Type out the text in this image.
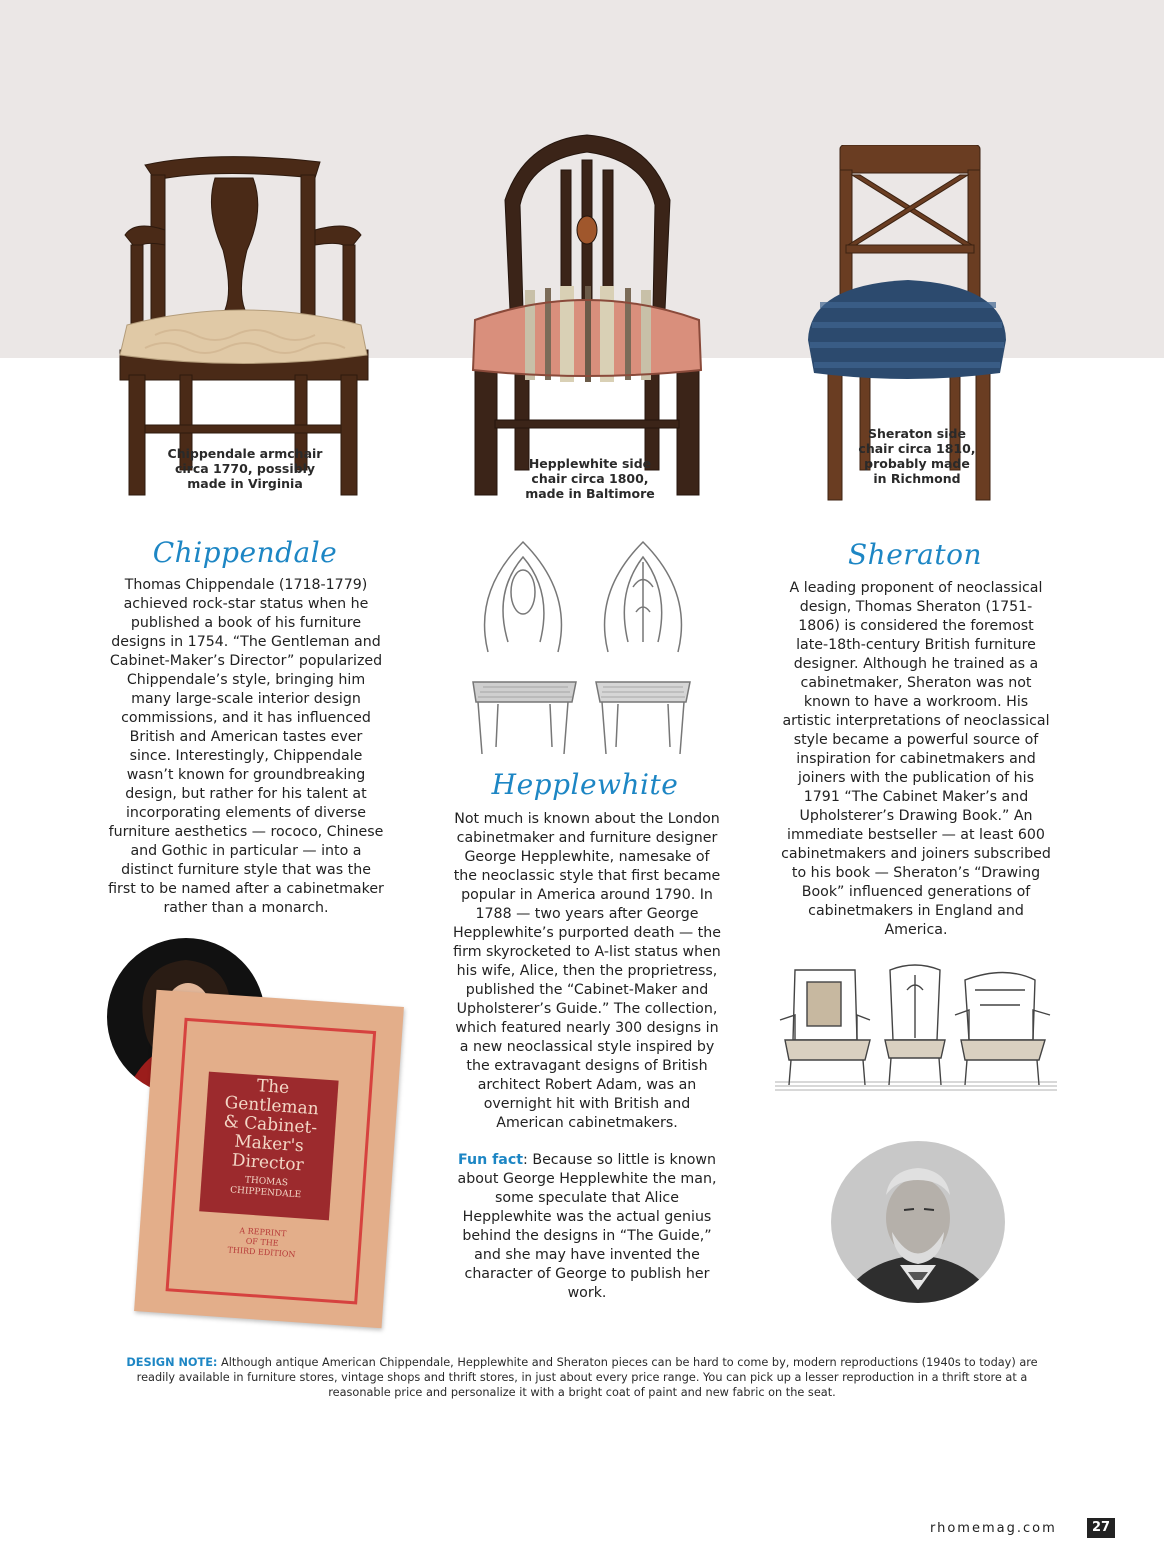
Chippendale armchair circa 1770, possibly made in Virginia
Hepplewhite side chair circa 1800, made in Baltimore
Sheraton side chair circa 1810, probably made in Richmond
Chippendale

Thomas Chippendale (1718-1779) achieved rock-star status when he published a book of his furniture designs in 1754. “The Gentleman and Cabinet-Maker’s Director” popularized Chippendale’s style, bringing him many large-scale interior design commissions, and it has influenced British and American tastes ever since. Interestingly, Chippendale wasn’t known for groundbreaking design, but rather for his talent at incorporating elements of diverse furniture aesthetics — rococo, Chinese and Gothic in particular — into a distinct furniture style that was the first to be named after a cabinetmaker rather than a monarch.

Hepplewhite

Not much is known about the London cabinetmaker and furniture designer George Hepplewhite, namesake of the neoclassic style that first became popular in America around 1790. In 1788 — two years after George Hepplewhite’s purported death — the firm skyrocketed to A-list status when his wife, Alice, then the proprietress, published the “Cabinet-Maker and Upholsterer’s Guide.” The collection, which featured nearly 300 designs in a new neoclassical style inspired by the extravagant designs of British architect Robert Adam, was an overnight hit with British and American cabinetmakers.

Fun fact: Because so little is known about George Hepplewhite the man, some speculate that Alice Hepplewhite was the actual genius behind the designs in “The Guide,” and she may have invented the character of George to publish her work.

Sheraton

A leading proponent of neoclassical design, Thomas Sheraton (1751-1806) is considered the foremost late-18th-century British furniture designer. Although he trained as a cabinetmaker, Sheraton was not known to have a workroom. His artistic interpretations of neoclassical style became a powerful source of inspiration for cabinetmakers and joiners with the publication of his 1791 “The Cabinet Maker’s and Upholsterer’s Drawing Book.” An immediate bestseller — at least 600 cabinetmakers and joiners subscribed to his book — Sheraton’s “Drawing Book” influenced generations of cabinetmakers in England and America.

The
Gentleman
& Cabinet-
Maker's
Director
THOMAS
CHIPPENDALE
A REPRINT
OF THE
THIRD EDITION
DESIGN NOTE: Although antique American Chippendale, Hepplewhite and Sheraton pieces can be hard to come by, modern reproductions (1940s to today) are readily available in furniture stores, vintage shops and thrift stores, in just about every price range. You can pick up a lesser reproduction in a thrift store at a reasonable price and personalize it with a bright coat of paint and new fabric on the seat.
rhomemag.com	27
